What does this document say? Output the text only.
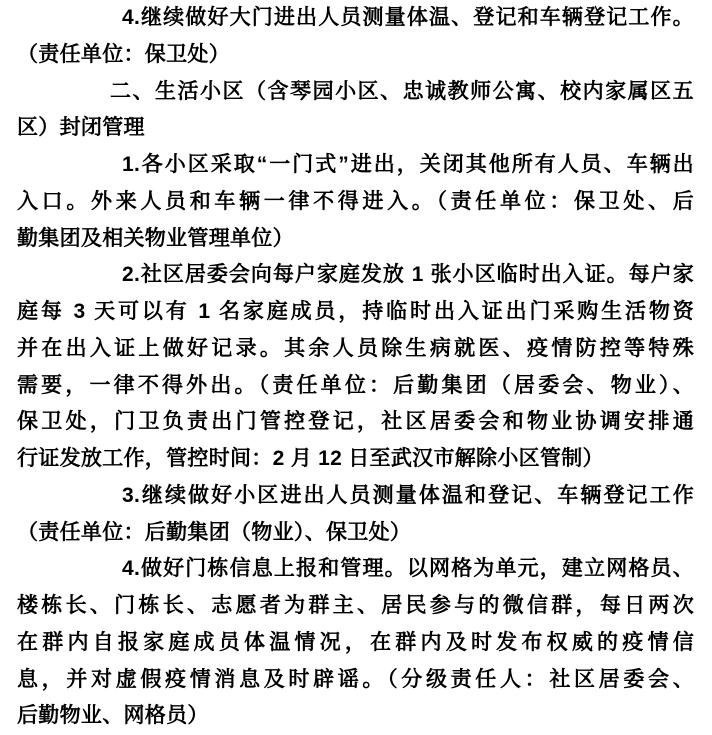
4.继续做好大门进出人员测量体温、登记和车辆登记工作。
（责任单位：保卫处）
二、生活小区（含琴园小区、忠诚教师公寓、校内家属区五
区）封闭管理
1.各小区采取“一门式”进出，关闭其他所有人员、车辆出
入口。外来人员和车辆一律不得进入。（责任单位：保卫处、后
勤集团及相关物业管理单位）
2.社区居委会向每户家庭发放 1 张小区临时出入证。每户家
庭每 3 天可以有 1 名家庭成员，持临时出入证出门采购生活物资
并在出入证上做好记录。其余人员除生病就医、疫情防控等特殊
需要，一律不得外出。（责任单位：后勤集团（居委会、物业）、
保卫处，门卫负责出门管控登记，社区居委会和物业协调安排通
行证发放工作，管控时间：2 月 12 日至武汉市解除小区管制）
3.继续做好小区进出人员测量体温和登记、车辆登记工作
（责任单位：后勤集团（物业）、保卫处）
4.做好门栋信息上报和管理。以网格为单元，建立网格员、
楼栋长、门栋长、志愿者为群主、居民参与的微信群，每日两次
在群内自报家庭成员体温情况，在群内及时发布权威的疫情信
息，并对虚假疫情消息及时辟谣。（分级责任人：社区居委会、
后勤物业、网格员）
